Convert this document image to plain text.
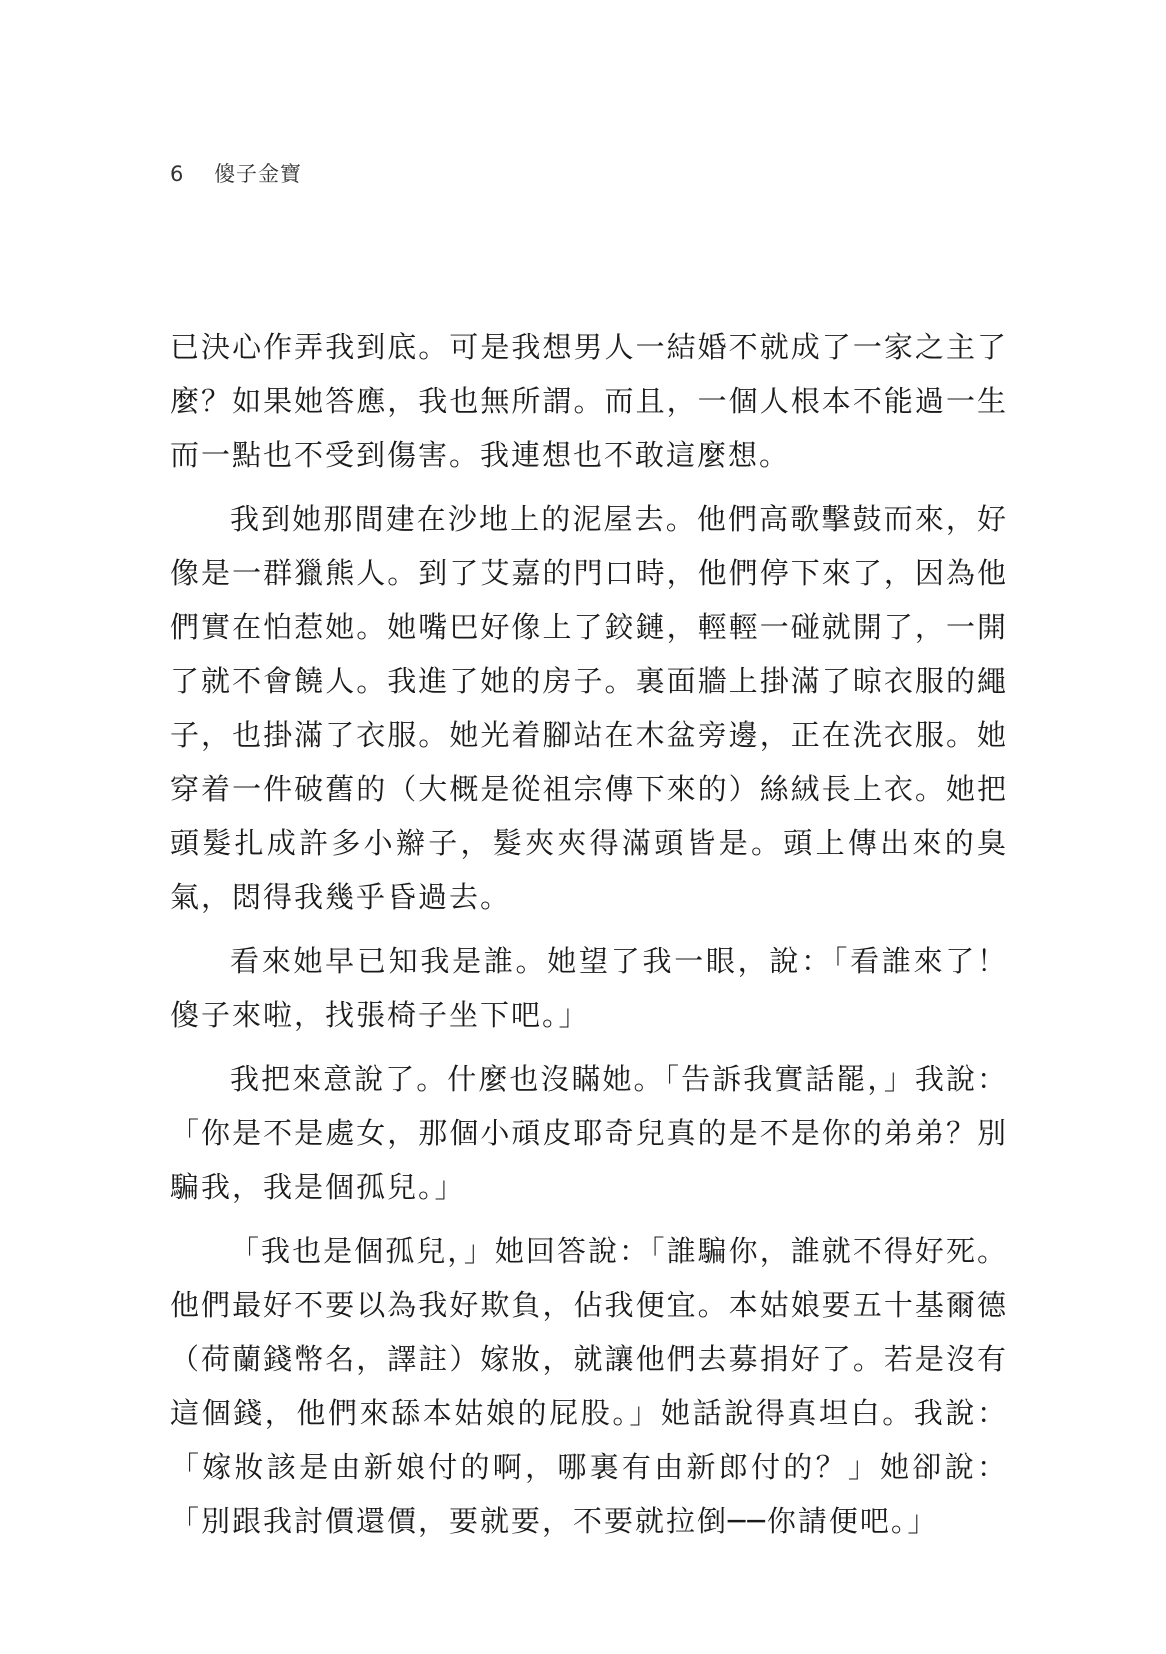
6 傻子金寶

已決心作弄我到底。可是我想男人一結婚不就成了一家之主了麼？如果她答應，我也無所謂。而且，一個人根本不能過一生而一點也不受到傷害。我連想也不敢這麼想。

我到她那間建在沙地上的泥屋去。他們高歌擊鼓而來，好像是一群獵熊人。到了艾嘉的門口時，他們停下來了，因為他們實在怕惹她。她嘴巴好像上了鉸鏈，輕輕一碰就開了，一開了就不會饒人。我進了她的房子。裏面牆上掛滿了晾衣服的繩子，也掛滿了衣服。她光着腳站在木盆旁邊，正在洗衣服。她穿着一件破舊的（大概是從祖宗傳下來的）絲絨長上衣。她把頭髮扎成許多小辮子，髮夾夾得滿頭皆是。頭上傳出來的臭氣，悶得我幾乎昏過去。

看來她早已知我是誰。她望了我一眼，說：「看誰來了！傻子來啦，找張椅子坐下吧。」

我把來意說了。什麼也沒瞞她。「告訴我實話罷，」我說：「你是不是處女，那個小頑皮耶奇兒真的是不是你的弟弟？別騙我，我是個孤兒。」

「我也是個孤兒，」她回答說：「誰騙你，誰就不得好死。他們最好不要以為我好欺負，佔我便宜。本姑娘要五十基爾德（荷蘭錢幣名，譯註）嫁妝，就讓他們去募捐好了。若是沒有這個錢，他們來舔本姑娘的屁股。」她話說得真坦白。我說：「嫁妝該是由新娘付的啊，哪裏有由新郎付的？」她卻說：「別跟我討價還價，要就要，不要就拉倒──你請便吧。」
